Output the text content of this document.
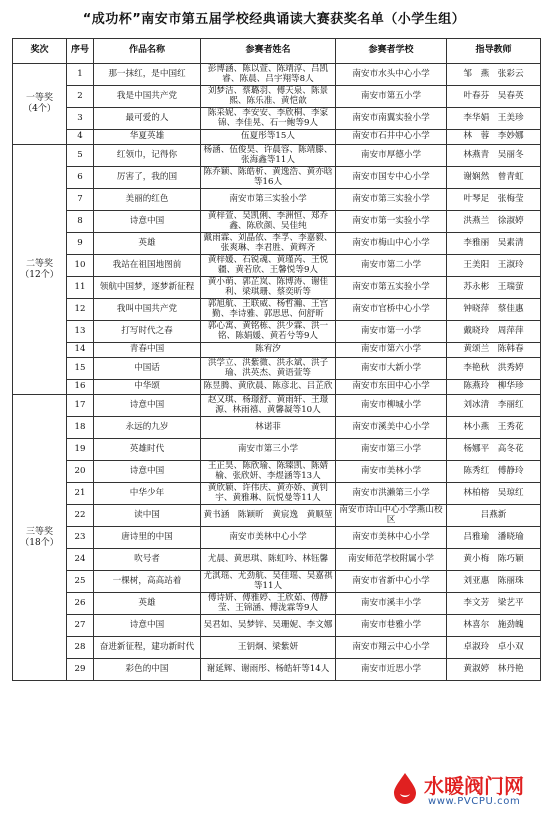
“成功杯”南安市第五届学校经典诵读大赛获奖名单（小学生组）
奖次	序号	作品名称	参赛者姓名	参赛者学校	指导教师

一等奖
（4个）	1	那一抹红，是中国红	彭博涵、陈以萱、陈靖淳、吕凯睿、陈晨、吕宇翔等8人	南安市水头中心小学	邹　燕　张彩云
	2	我是中国共产党	刘梦洁、蔡璐羽、傅天泉、陈景熙、陈乐准、黄恺歆	南安市第五小学	叶春芬　吴春英
	3	最可爱的人	陈采妮、李安安、李欣桐、李家锦、李佳晃、石一鲍等9人	南安市南翼实验小学	李华娟　王美珍
	4	华夏英雄	伍夏彤等15人	南安市石井中心小学	林　蓉　李妙娜

二等奖
（12个）	5	红领巾，记得你	杨涵、伍俊昊、许晨容、陈靖滕、张海鑫等11人	南安市厚德小学	林燕青　吴丽冬
	6	厉害了，我的国	陈乔颖、陈皓析、黄逸浩、黄亦晗等16人	南安市国专中心小学	谢娴然　曾青虹
	7	美丽的红色	南安市第三实验小学	南安市第三实验小学	叶琴足　张梅莹
	8	诗意中国	黄梓萱、吴凯俐、李洲恒、郑乔鑫、陈欣颜、吴佳纯	南安市第一实验小学	洪燕兰　徐淑婷
	9	英雄	戴雨霖、刘晶依、李孚、李嘉毅、张爽琳、李君胜、黄辉齐	南安市梅山中心小学	李雅丽　吴素清
	10	我站在祖国地图前	黄梓媛、石锐魂、黄瑾芮、王悦疆、黄若欣、王馨悦等9人	南安市第二小学	王美阳　王淑玲
	11	领航中国梦，逐梦新征程	黄小萌、郭芷岚、陈博涛、谢佳利、梁琪珊、蔡奕昕等	南安市第五实验小学	苏永彬　王瑞萤
	12	我叫中国共产党	郭旭航、王联威、杨哲瀚、王宫勤、李诗雅、郭思思、何舒昕	南安市官桥中心小学	钟晓萍　蔡佳惠
	13	打写时代之春	郭心寓、黄铭栋、洪少霖、洪一铭、陈娟媛、黄若兮等9人	南安市第一小学	戴晓玲　周萍萍
	14	青春中国	陈宥汐	南安市第六小学	黄颂兰　陈韩春
	15	中国话	洪学立、洪紫微、洪永斌、洪子瑜、洪英杰、黄语萱等	南安市大新小学	李艳秋　洪秀婷
	16	中华颂	陈昱腾、黄欣晨、陈彦北、吕芷欣	南安市东田中心小学	陈燕玲　柳华珍

三等奖
（18个）	17	诗意中国	赵又琪、杨璟舒、黄雨轩、王璟源、林雨禧、黄馨凝等10人	南安市柳城小学	刘冰清　李丽红
	18	永远的九岁	林诺菲	南安市溪美中心小学	林小燕　王秀花
	19	英雄时代	南安市第三小学	南安市第三小学	杨娜平　高冬花
	20	诗意中国	王正昊、陈欣瑜、陈臻凯、陈婧榆、张欣妍、李煜涵等13人	南安市美林小学	陈秀红　傅静玲
	21	中华少年	黄欣颖、许伟庆、黄亦娇、黄钊宇、黄雅琳、阮悦曼等11人	南安市洪濑第三小学	林柏榕　吴琼红
	22	读中国	黄书涵　陈颖昕　黄宸逸　黄顺堃	南安市诗山中心小学燕山校区	吕燕新
	23	唐诗里的中国	南安市美林中心小学	南安市美林中心小学	吕雅瑜　潘晓瑜
	24	吹号者	尤晨、黄思琪、陈虹吟、林钰馨	南安师范学校附属小学	黄小梅　陈巧颖
	25	一棵树，高高站着	尤淇瑶、尤劲航、吴佳瑶、吴嘉祺等11人	南安市省新中心小学	刘亚惠　陈丽珠
	26	英雄	傅诗妍、傅雅婷、王欣茹、傅静莹、王锦涵、傅泷霖等9人	南安市溪丰小学	李文芳　梁艺平
	27	诗意中国	吴君如、吴梦锌、吴珊妮、李文娜	南安市巷雅小学	林喜尔　施劲魄
	28	奋进新征程，建功新时代	王钥炯、梁紫妍	南安市翔云中心小学	卓淑玲　卓小双
	29	彩色的中国	谢延辉、谢雨彤、杨皓轩等14人	南安市近思小学	黄淑婷　林丹艳
水暖阀门网
www.PVCPU.com
